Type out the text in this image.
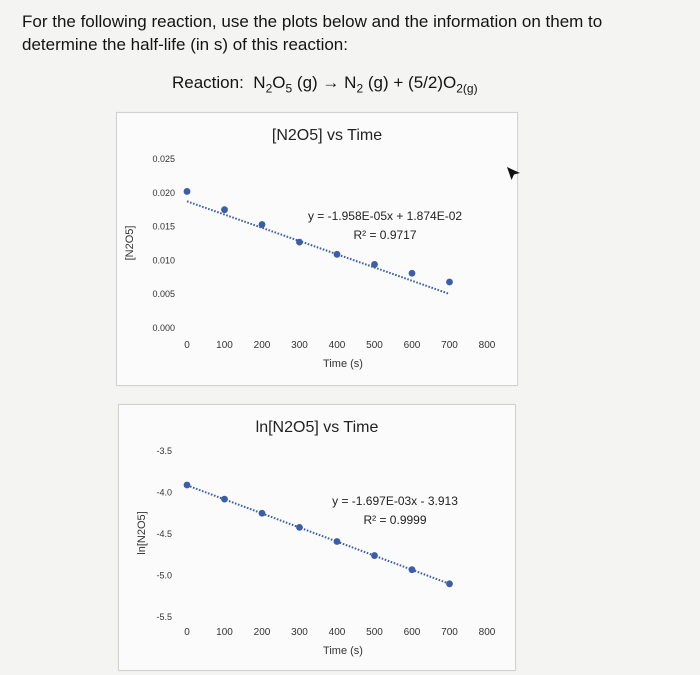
For the following reaction, use the plots below and the information on them to determine the half-life (in s) of this reaction:
Reaction: $N_2O_5$ $(g) \to N_2$ $(g) + (5/2)O_{2(g)}$
[N2O5] vs Time
0	100 200 300 400 500 600 700 800
0.000
0.005
0.010
0.015
0.020
0.025
Time (s)
[N2O5]
y = -1.958E-05x + 1.874E-02
R² = 0.9717
ln[N2O5] vs Time
0	100 200 300 400 500 600 700 800
-3.5
-4.0
-4.5
-5.0
-5.5
Time (s)
ln[N2O5]
y = -1.697E-03x - 3.913
R² = 0.9999
